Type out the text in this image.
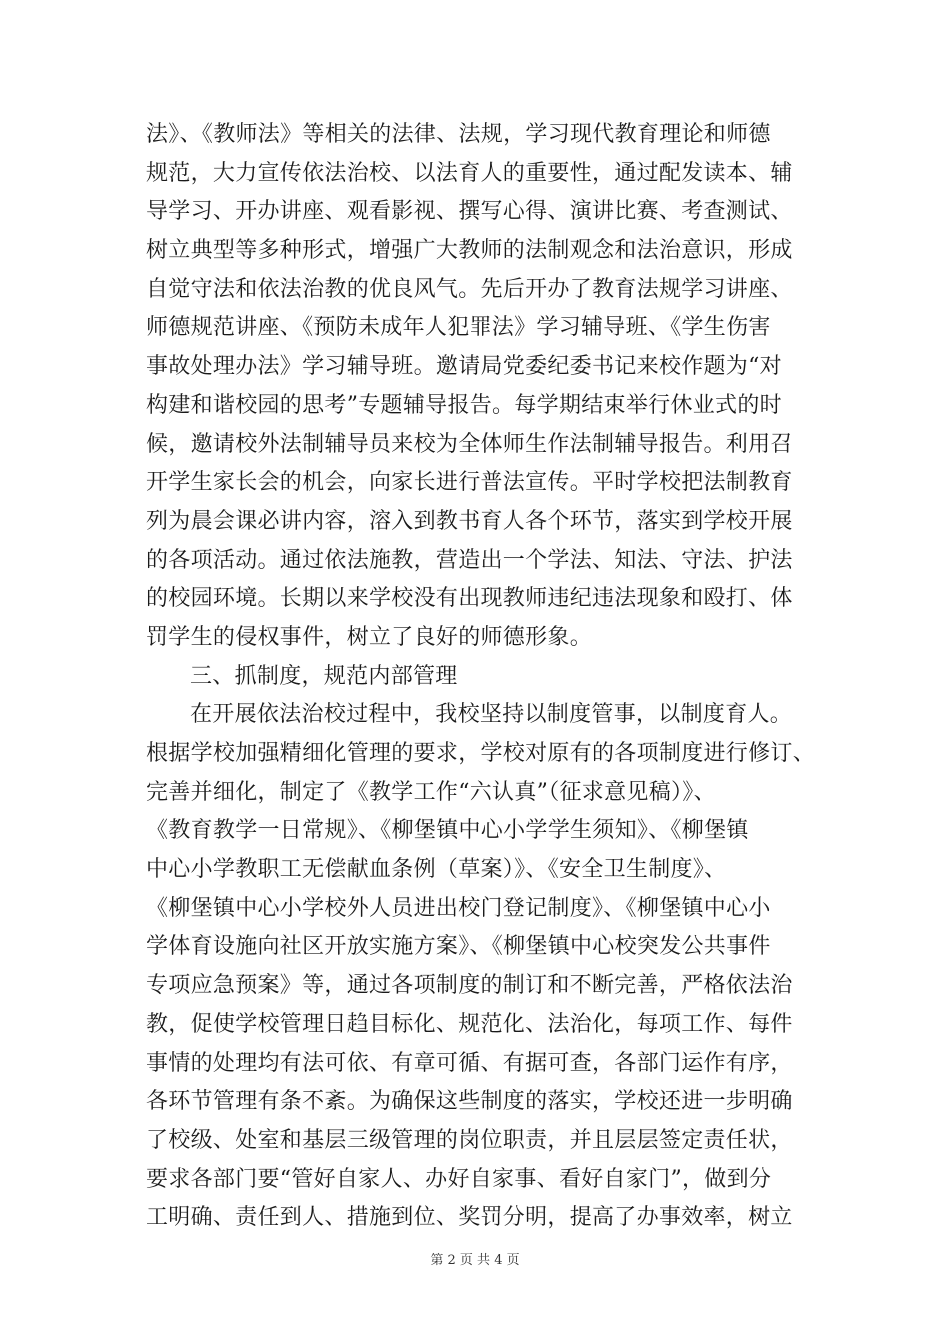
法》、《教师法》等相关的法律、法规，学习现代教育理论和师德
规范，大力宣传依法治校、以法育人的重要性，通过配发读本、辅
导学习、开办讲座、观看影视、撰写心得、演讲比赛、考查测试、
树立典型等多种形式，增强广大教师的法制观念和法治意识，形成
自觉守法和依法治教的优良风气。先后开办了教育法规学习讲座、
师德规范讲座、《预防未成年人犯罪法》学习辅导班、《学生伤害
事故处理办法》学习辅导班。邀请局党委纪委书记来校作题为“对
构建和谐校园的思考”专题辅导报告。每学期结束举行休业式的时
候，邀请校外法制辅导员来校为全体师生作法制辅导报告。利用召
开学生家长会的机会，向家长进行普法宣传。平时学校把法制教育
列为晨会课必讲内容，溶入到教书育人各个环节，落实到学校开展
的各项活动。通过依法施教，营造出一个学法、知法、守法、护法
的校园环境。长期以来学校没有出现教师违纪违法现象和殴打、体
罚学生的侵权事件，树立了良好的师德形象。
三、抓制度，规范内部管理
在开展依法治校过程中，我校坚持以制度管事，以制度育人。
根据学校加强精细化管理的要求，学校对原有的各项制度进行修订、
完善并细化，制定了《教学工作“六认真”（征求意见稿）》、
《教育教学一日常规》、《柳堡镇中心小学学生须知》、《柳堡镇
中心小学教职工无偿献血条例（草案）》、《安全卫生制度》、
《柳堡镇中心小学校外人员进出校门登记制度》、《柳堡镇中心小
学体育设施向社区开放实施方案》、《柳堡镇中心校突发公共事件
专项应急预案》等，通过各项制度的制订和不断完善，严格依法治
教，促使学校管理日趋目标化、规范化、法治化，每项工作、每件
事情的处理均有法可依、有章可循、有据可查，各部门运作有序，
各环节管理有条不紊。为确保这些制度的落实，学校还进一步明确
了校级、处室和基层三级管理的岗位职责，并且层层签定责任状，
要求各部门要“管好自家人、办好自家事、看好自家门”，做到分
工明确、责任到人、措施到位、奖罚分明，提高了办事效率，树立
第 2 页 共 4 页
